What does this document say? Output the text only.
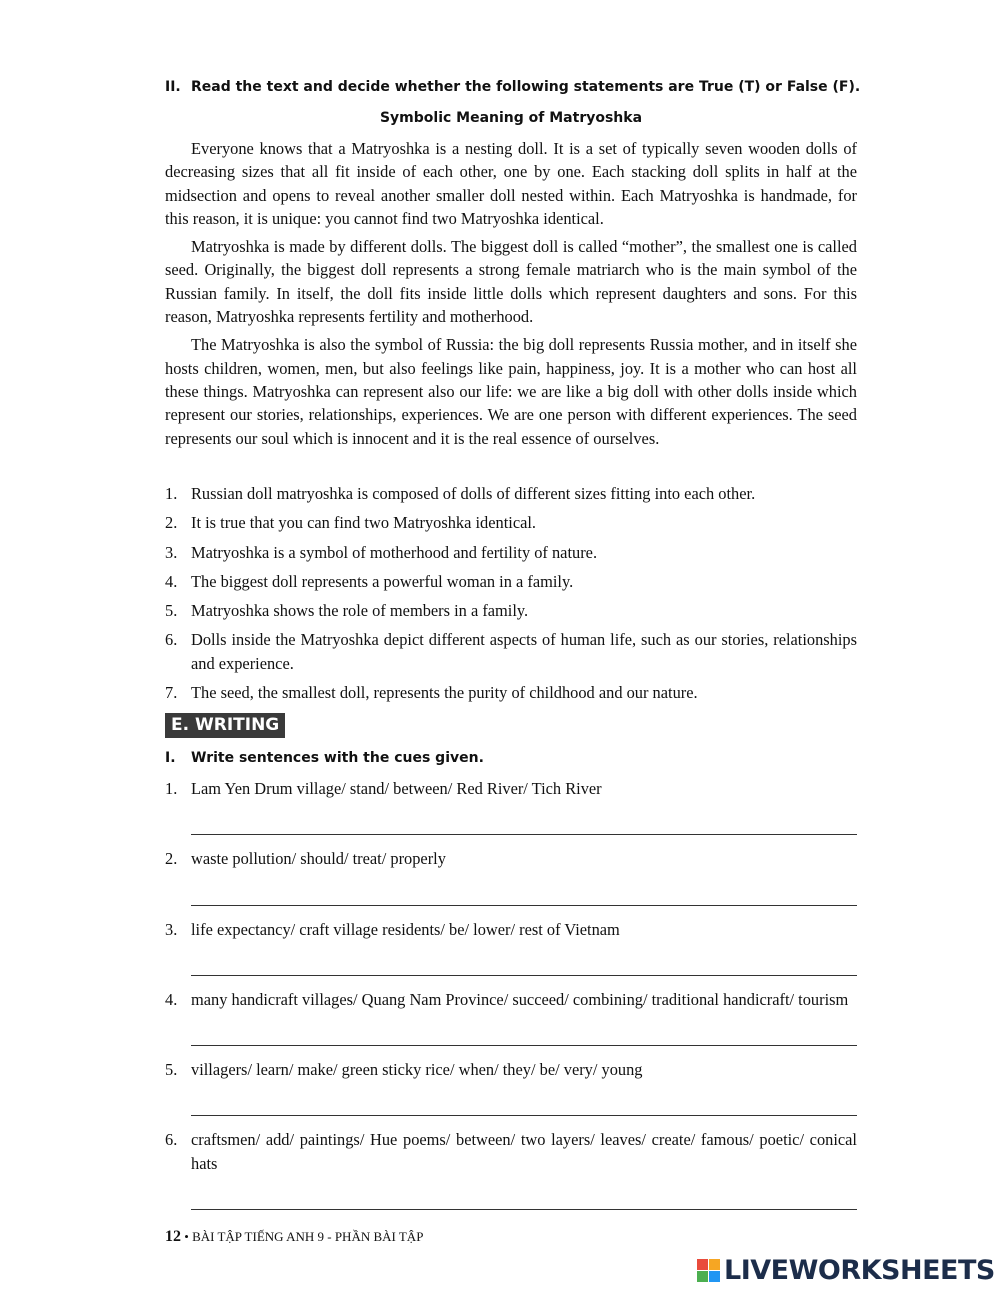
II. Read the text and decide whether the following statements are True (T) or False (F).
Symbolic Meaning of Matryoshka

Everyone knows that a Matryoshka is a nesting doll. It is a set of typically seven wooden dolls of decreasing sizes that all fit inside of each other, one by one. Each stacking doll splits in half at the midsection and opens to reveal another smaller doll nested within. Each Matryoshka is handmade, for this reason, it is unique: you cannot find two Matryoshka identical.

Matryoshka is made by different dolls. The biggest doll is called “mother”, the smallest one is called seed. Originally, the biggest doll represents a strong female matriarch who is the main symbol of the Russian family. In itself, the doll fits inside little dolls which represent daughters and sons. For this reason, Matryoshka represents fertility and motherhood.

The Matryoshka is also the symbol of Russia: the big doll represents Russia mother, and in itself she hosts children, women, men, but also feelings like pain, happiness, joy. It is a mother who can host all these things. Matryoshka can represent also our life: we are like a big doll with other dolls inside which represent our stories, relationships, experiences. We are one person with different experiences. The seed represents our soul which is innocent and it is the real essence of ourselves.

1. Russian doll matryoshka is composed of dolls of different sizes fitting into each other.
2. It is true that you can find two Matryoshka identical.
3. Matryoshka is a symbol of motherhood and fertility of nature.
4. The biggest doll represents a powerful woman in a family.
5. Matryoshka shows the role of members in a family.
6. Dolls inside the Matryoshka depict different aspects of human life, such as our stories, relationships and experience.
7. The seed, the smallest doll, represents the purity of childhood and our nature.
E. WRITING
I. Write sentences with the cues given.
1. Lam Yen Drum village/ stand/ between/ Red River/ Tich River
2. waste pollution/ should/ treat/ properly
3. life expectancy/ craft village residents/ be/ lower/ rest of Vietnam
4. many handicraft villages/ Quang Nam Province/ succeed/ combining/ traditional handicraft/ tourism
5. villagers/ learn/ make/ green sticky rice/ when/ they/ be/ very/ young
6. craftsmen/ add/ paintings/ Hue poems/ between/ two layers/ leaves/ create/ famous/ poetic/ conical hats
12 • BÀI TẬP TIẾNG ANH 9 - PHẦN BÀI TẬP
LIVEWORKSHEETS
